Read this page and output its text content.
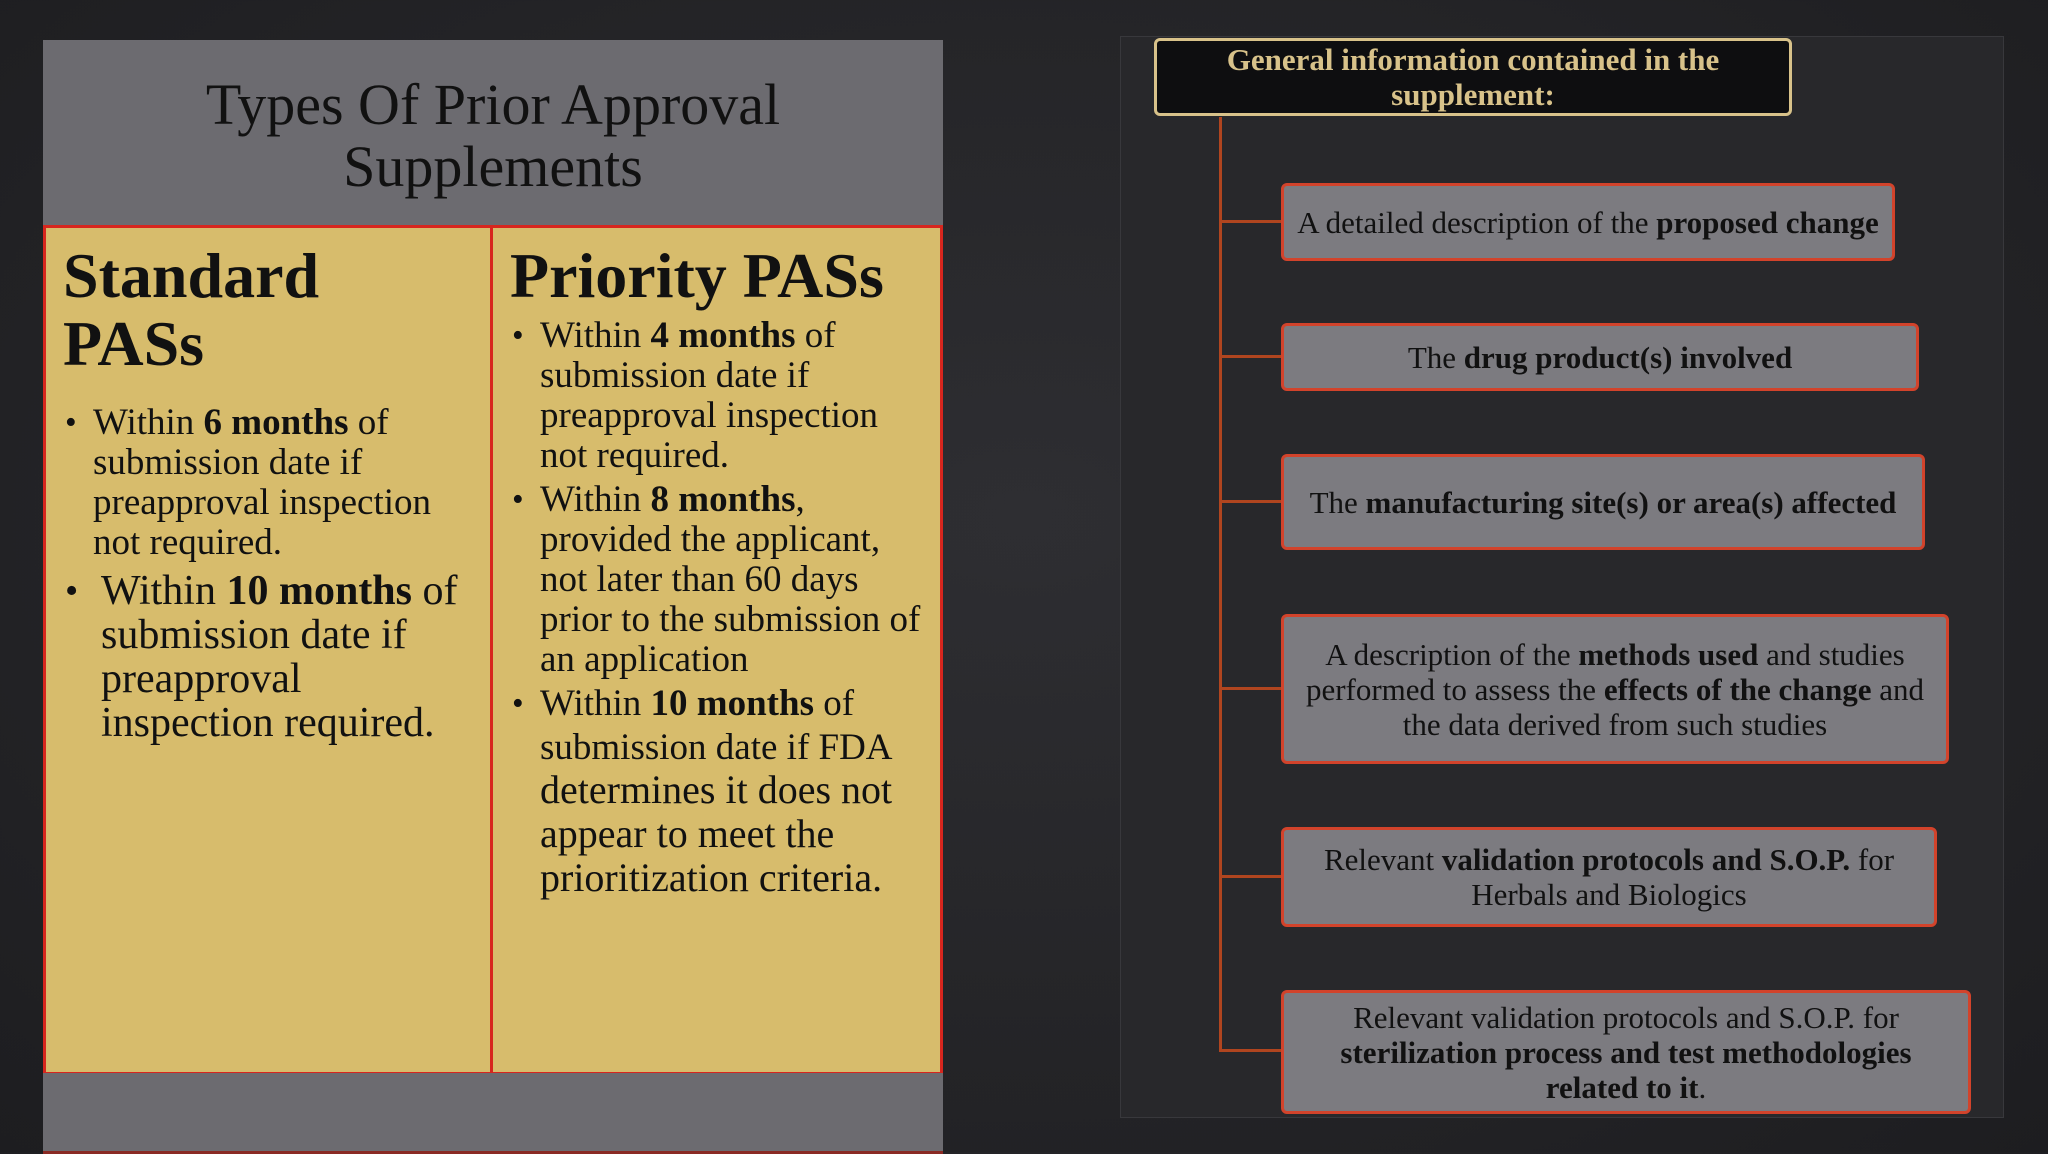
Types Of Prior Approval
Supplements
Standard
PASs
• Within 6 months of submission date if preapproval inspection not required.
• Within 10 months of submission date if preapproval inspection required.
Priority PASs
• Within 4 months of submission date if preapproval inspection not required.
• Within 8 months, provided the applicant, not later than 60 days prior to the submission of an application
• Within 10 months of submission date if FDA determines it does not appear to meet the prioritization criteria.
General information contained in the supplement:
A detailed description of the proposed change
The drug product(s) involved
The manufacturing site(s) or area(s) affected
A description of the methods used and studies performed to assess the effects of the change and the data derived from such studies
Relevant validation protocols and S.O.P. for Herbals and Biologics
Relevant validation protocols and S.O.P. for sterilization process and test methodologies related to it.
